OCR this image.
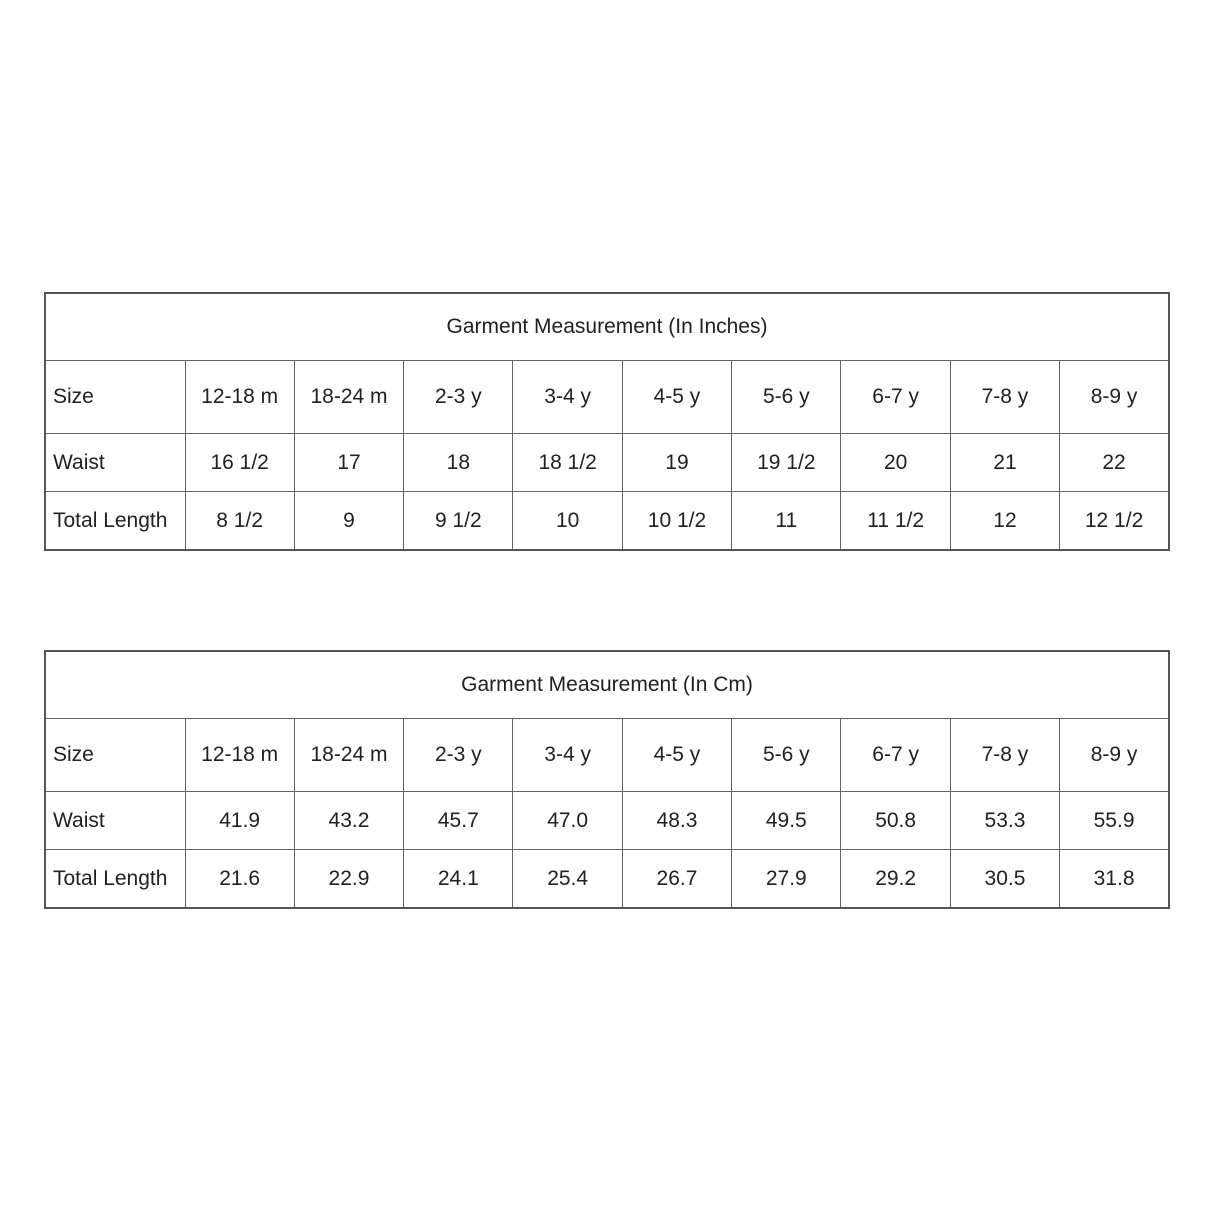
Garment Measurement (In Inches)									
Size	12-18 m	18-24 m	2-3 y	3-4 y	4-5 y	5-6 y	6-7 y	7-8 y	8-9 y
Waist	16 1/2	17	18	18 1/2	19	19 1/2	20	21	22
Total Length	8 1/2	9	9 1/2	10	10 1/2	11	11 1/2	12	12 1/2
Garment Measurement (In Cm)									
Size	12-18 m	18-24 m	2-3 y	3-4 y	4-5 y	5-6 y	6-7 y	7-8 y	8-9 y
Waist	41.9	43.2	45.7	47.0	48.3	49.5	50.8	53.3	55.9
Total Length	21.6	22.9	24.1	25.4	26.7	27.9	29.2	30.5	31.8
